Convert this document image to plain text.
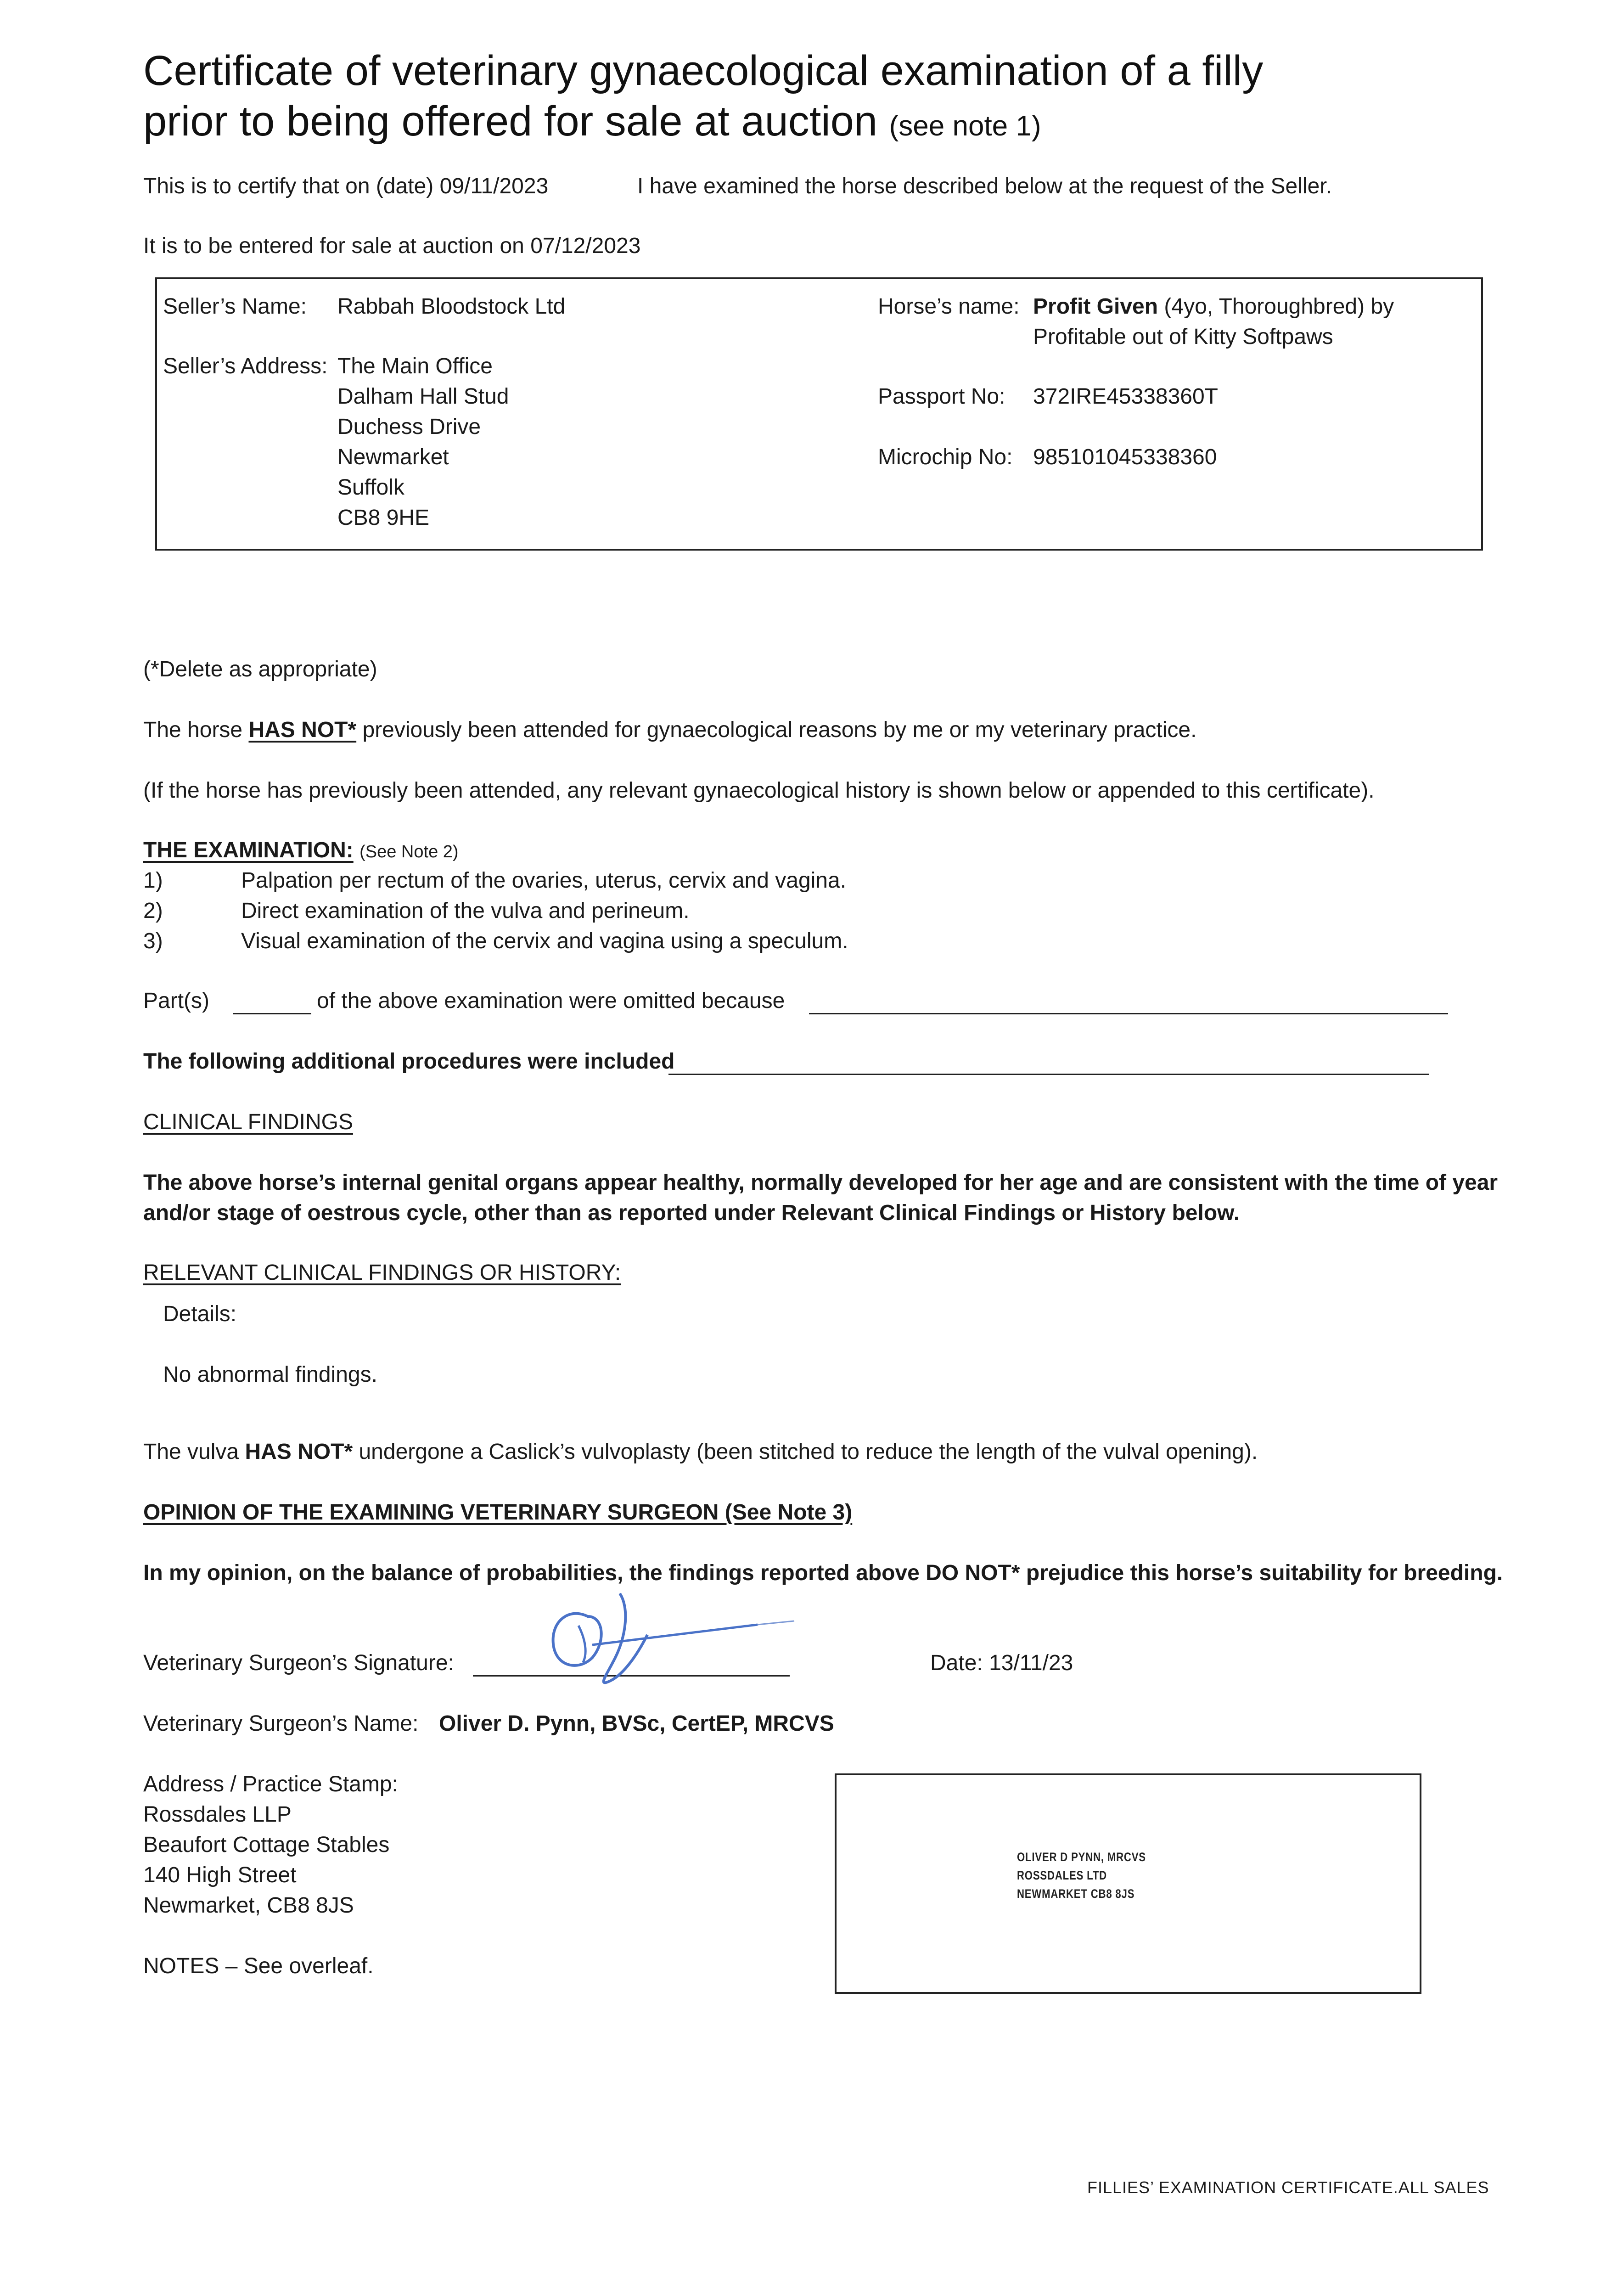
Certificate of veterinary gynaecological examination of a filly
prior to being offered for sale at auction (see note 1)
This is to certify that on (date) 09/11/2023	I have examined the horse described below at the request of the Seller.
It is to be entered for sale at auction on 07/12/2023
Seller’s Name: Rabbah Bloodstock Ltd
Seller’s Address: The Main Office
Dalham Hall Stud
Duchess Drive
Newmarket
Suffolk
CB8 9HE
Horse’s name: Profit Given (4yo, Thoroughbred) by
Profitable out of Kitty Softpaws
Passport No: 372IRE45338360T
Microchip No: 985101045338360
(*Delete as appropriate)
The horse HAS NOT* previously been attended for gynaecological reasons by me or my veterinary practice.
(If the horse has previously been attended, any relevant gynaecological history is shown below or appended to this certificate).
THE EXAMINATION: (See Note 2)
1)	Palpation per rectum of the ovaries, uterus, cervix and vagina.
2)	Direct examination of the vulva and perineum.
3)	Visual examination of the cervix and vagina using a speculum.
Part(s)	of the above examination were omitted because
The following additional procedures were included
CLINICAL FINDINGS
The above horse’s internal genital organs appear healthy, normally developed for her age and are consistent with the time of year
and/or stage of oestrous cycle, other than as reported under Relevant Clinical Findings or History below.
RELEVANT CLINICAL FINDINGS OR HISTORY:
Details:
No abnormal findings.
The vulva HAS NOT* undergone a Caslick’s vulvoplasty (been stitched to reduce the length of the vulval opening).
OPINION OF THE EXAMINING VETERINARY SURGEON (See Note 3)
In my opinion, on the balance of probabilities, the findings reported above DO NOT* prejudice this horse’s suitability for breeding.
Veterinary Surgeon’s Signature:	Date: 13/11/23
Veterinary Surgeon’s Name: Oliver D. Pynn, BVSc, CertEP, MRCVS
Address / Practice Stamp:
Rossdales LLP
Beaufort Cottage Stables
140 High Street
Newmarket, CB8 8JS
NOTES – See overleaf.
OLIVER D PYNN, MRCVS
ROSSDALES LTD
NEWMARKET CB8 8JS
FILLIES’ EXAMINATION CERTIFICATE.ALL SALES
